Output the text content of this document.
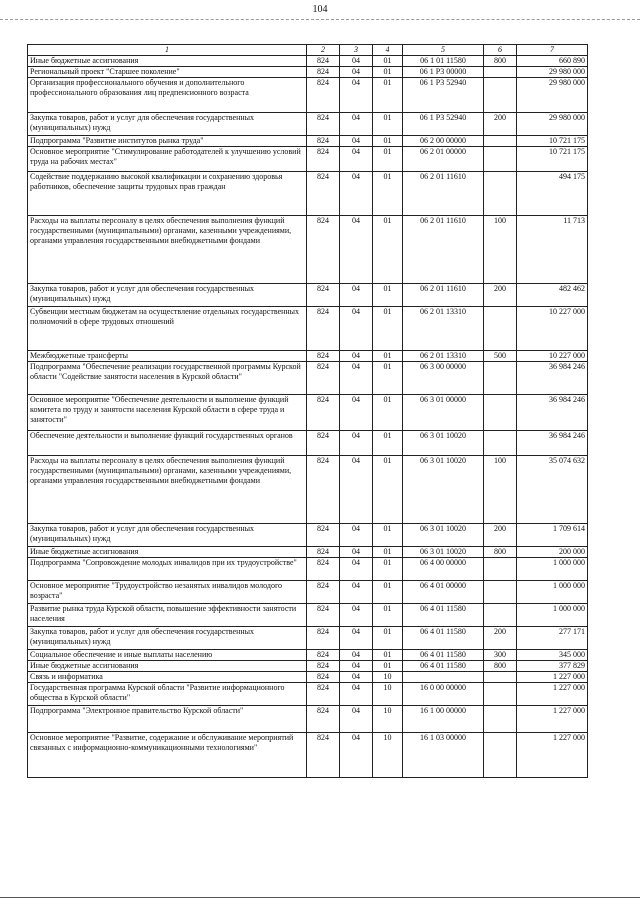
104
1	2	3	4	5	6	7
Иные бюджетные ассигнования	824	04	01	06 1 01 11580	800	660 890
Региональный проект "Старшее поколение"	824	04	01	06 1 P3 00000		29 980 000
Организация профессионального обучения и дополнительного профессионального образования лиц предпенсионного возраста	824	04	01	06 1 P3 52940		29 980 000
Закупка товаров, работ и услуг для обеспечения государственных (муниципальных) нужд	824	04	01	06 1 P3 52940	200	29 980 000
Подпрограмма "Развитие институтов рынка труда"	824	04	01	06 2 00 00000		10 721 175
Основное мероприятие "Стимулирование работодателей к улучшению условий труда на рабочих местах"	824	04	01	06 2 01 00000		10 721 175
Содействие поддержанию высокой квалификации и сохранению здоровья работников, обеспечение защиты трудовых прав граждан	824	04	01	06 2 01 11610		494 175
Расходы на выплаты персоналу в целях обеспечения выполнения функций государственными (муниципальными) органами, казенными учреждениями, органами управления государственными внебюджетными фондами	824	04	01	06 2 01 11610	100	11 713
Закупка товаров, работ и услуг для обеспечения государственных (муниципальных) нужд	824	04	01	06 2 01 11610	200	482 462
Субвенции местным бюджетам на осуществление отдельных государственных полномочий в сфере трудовых отношений	824	04	01	06 2 01 13310		10 227 000
Межбюджетные трансферты	824	04	01	06 2 01 13310	500	10 227 000
Подпрограмма "Обеспечение реализации государственной программы Курской области "Содействие занятости населения в Курской области"	824	04	01	06 3 00 00000		36 984 246
Основное мероприятие "Обеспечение деятельности и выполнение функций комитета по труду и занятости населения Курской области в сфере труда и занятости"	824	04	01	06 3 01 00000		36 984 246
Обеспечение деятельности и выполнение функций государственных органов	824	04	01	06 3 01 10020		36 984 246
Расходы на выплаты персоналу в целях обеспечения выполнения функций государственными (муниципальными) органами, казенными учреждениями, органами управления государственными внебюджетными фондами	824	04	01	06 3 01 10020	100	35 074 632
Закупка товаров, работ и услуг для обеспечения государственных (муниципальных) нужд	824	04	01	06 3 01 10020	200	1 709 614
Иные бюджетные ассигнования	824	04	01	06 3 01 10020	800	200 000
Подпрограмма "Сопровождение молодых инвалидов при их трудоустройстве"	824	04	01	06 4 00 00000		1 000 000
Основное мероприятие "Трудоустройство незанятых инвалидов молодого возраста"	824	04	01	06 4 01 00000		1 000 000
Развитие рынка труда Курской области, повышение эффективности занятости населения	824	04	01	06 4 01 11580		1 000 000
Закупка товаров, работ и услуг для обеспечения государственных (муниципальных) нужд	824	04	01	06 4 01 11580	200	277 171
Социальное обеспечение и иные выплаты населению	824	04	01	06 4 01 11580	300	345 000
Иные бюджетные ассигнования	824	04	01	06 4 01 11580	800	377 829
Связь и информатика	824	04	10			1 227 000
Государственная программа Курской области "Развитие информационного общества в Курской области"	824	04	10	16 0 00 00000		1 227 000
Подпрограмма "Электронное правительство Курской области"	824	04	10	16 1 00 00000		1 227 000
Основное мероприятие "Развитие, содержание и обслуживание мероприятий связанных с информационно-коммуникационными технологиями"	824	04	10	16 1 03 00000		1 227 000
